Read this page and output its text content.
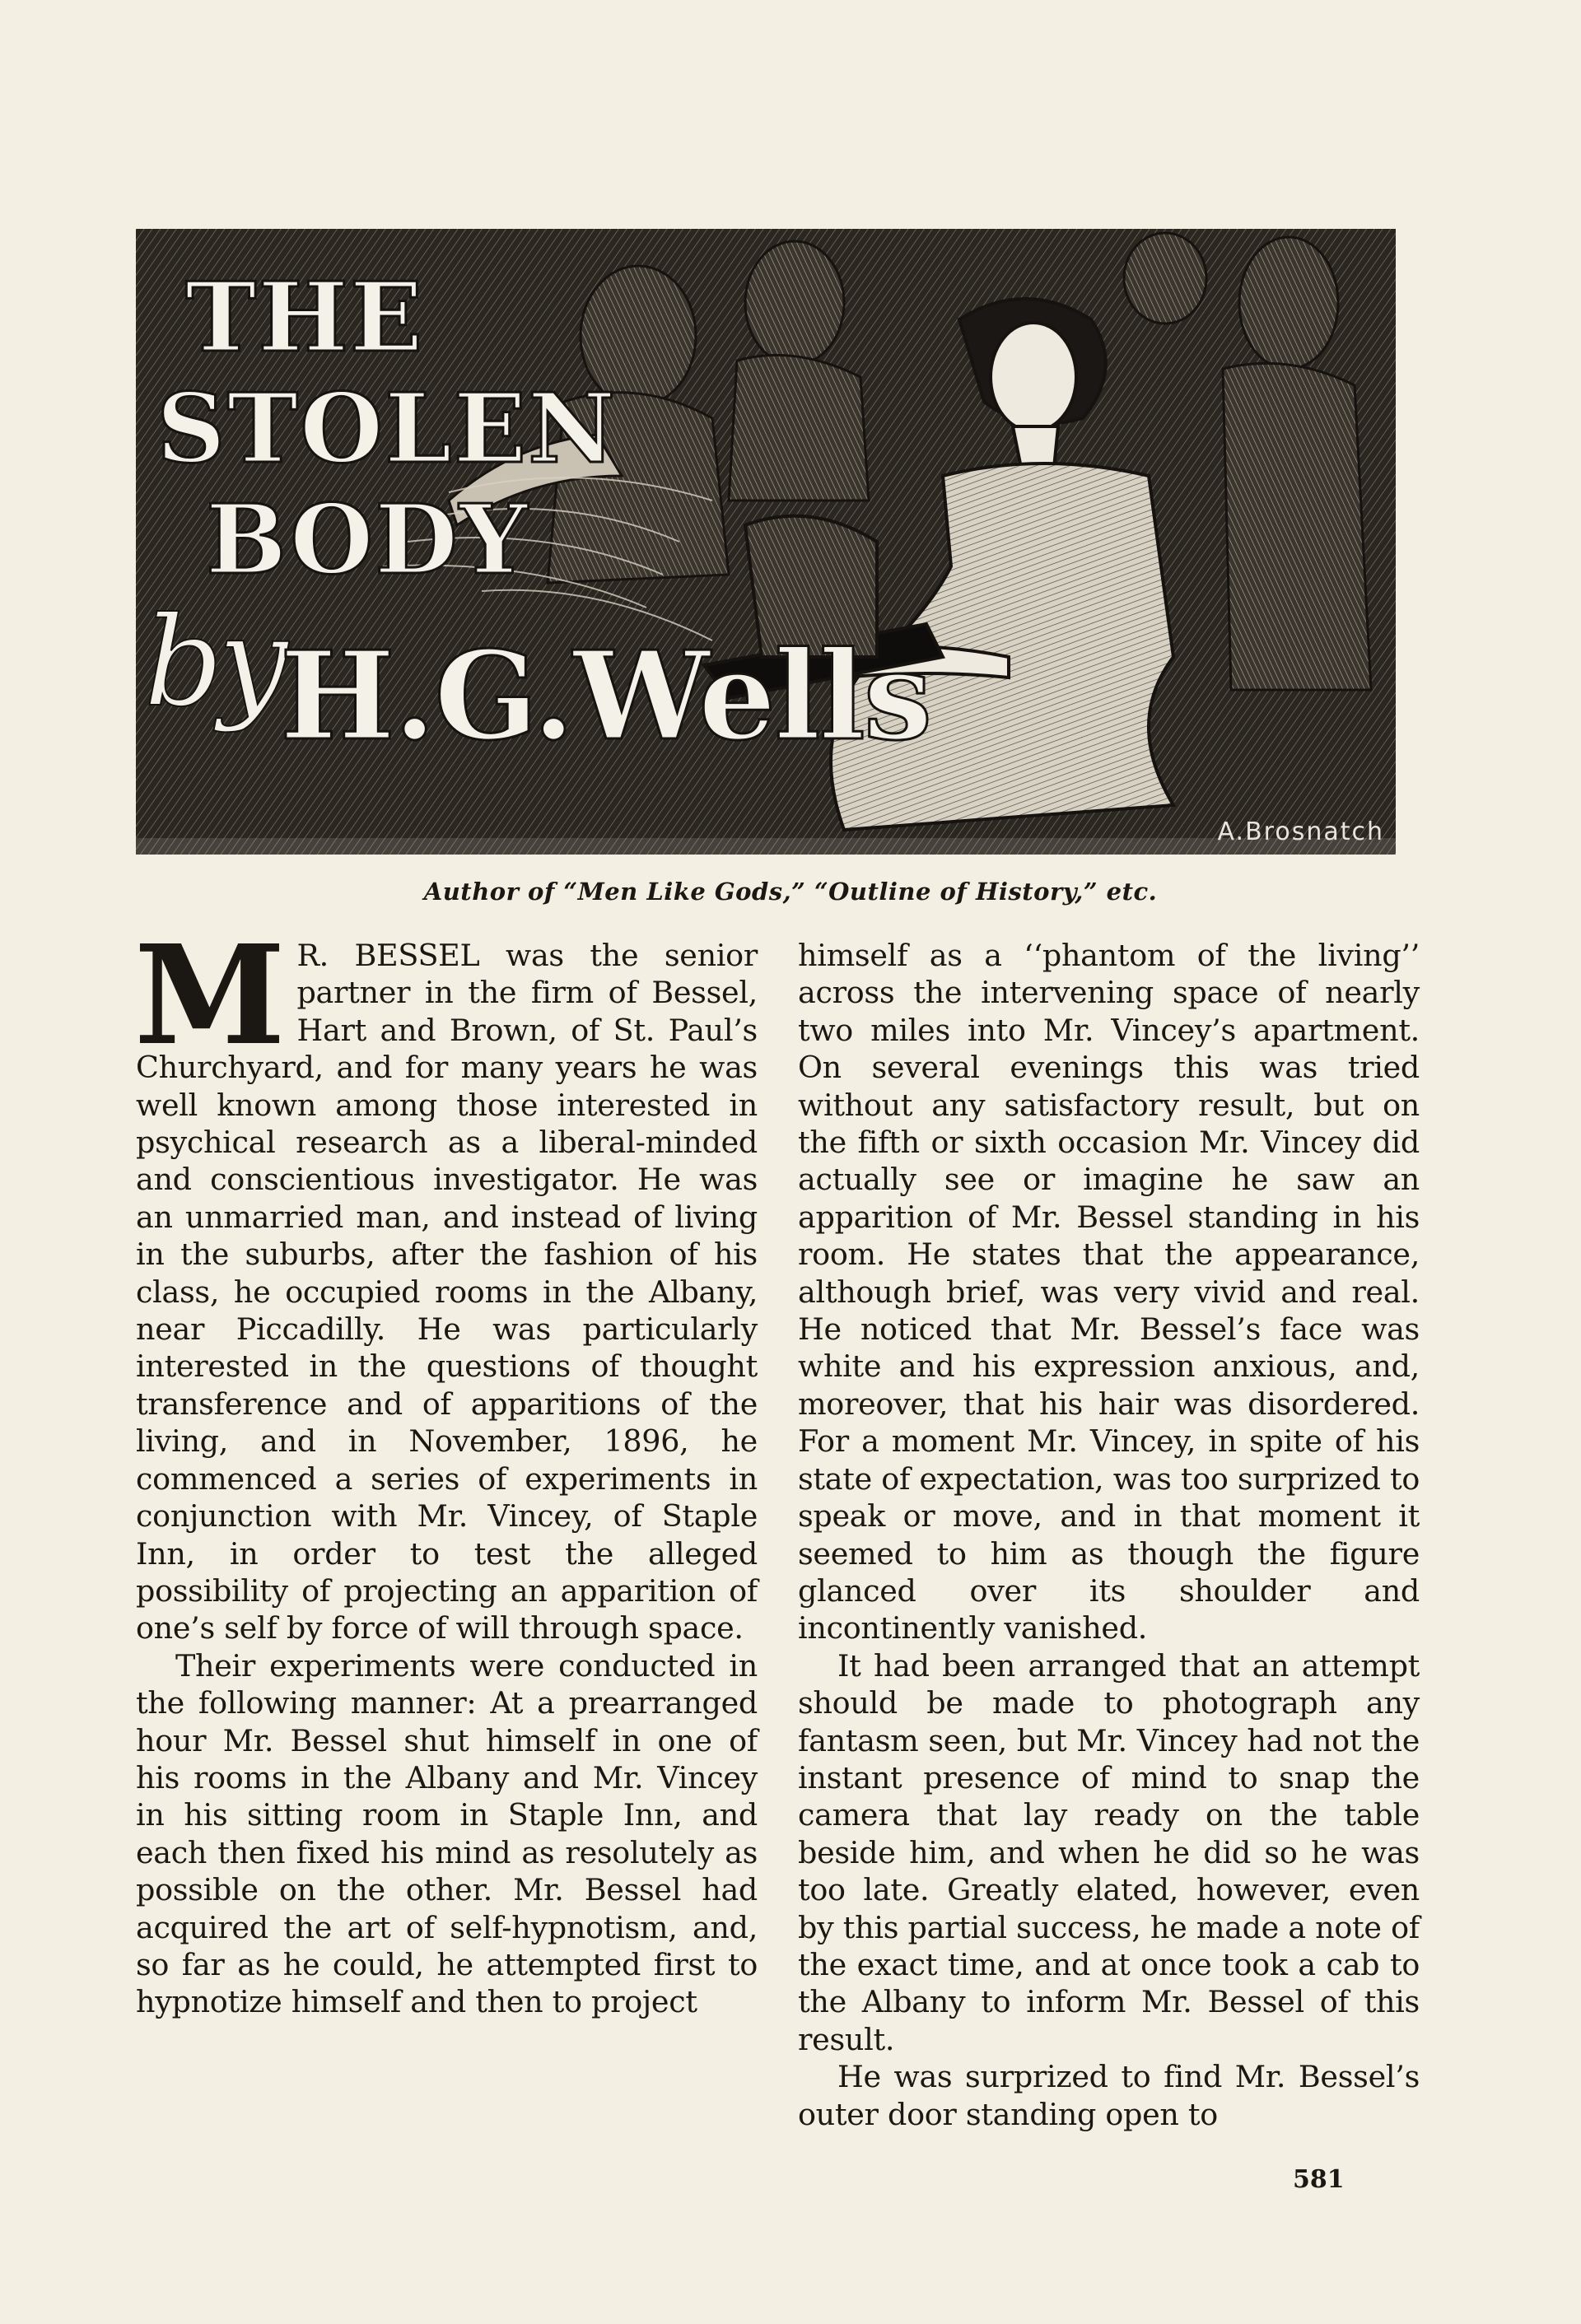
THE
STOLEN
BODY
by
H.G.Wells
A.Brosnatch
Author of “Men Like Gods,” “Outline of History,” etc.

M R. BESSEL was the senior partner in the firm of Bessel, Hart and Brown, of St. Paul’s Churchyard, and for many years he was well known among those interested in psychical research as a liberal-minded and conscientious investigator. He was an unmarried man, and instead of living in the suburbs, after the fashion of his class, he occupied rooms in the Albany, near Piccadilly. He was particularly interested in the questions of thought transference and of apparitions of the living, and in November, 1896, he commenced a series of experiments in conjunction with Mr. Vincey, of Staple Inn, in order to test the alleged possibility of projecting an apparition of one’s self by force of will through space.

Their experiments were conducted in the following manner: At a prearranged hour Mr. Bessel shut himself in one of his rooms in the Albany and Mr. Vincey in his sitting room in Staple Inn, and each then fixed his mind as resolutely as possible on the other. Mr. Bessel had acquired the art of self-hypnotism, and, so far as he could, he attempted first to hypnotize himself and then to project

himself as a ‘‘phantom of the living’’ across the intervening space of nearly two miles into Mr. Vincey’s apartment. On several evenings this was tried without any satisfactory result, but on the fifth or sixth occasion Mr. Vincey did actually see or imagine he saw an apparition of Mr. Bessel standing in his room. He states that the appearance, although brief, was very vivid and real. He noticed that Mr. Bessel’s face was white and his expression anxious, and, moreover, that his hair was disordered. For a moment Mr. Vincey, in spite of his state of expectation, was too surprized to speak or move, and in that moment it seemed to him as though the figure glanced over its shoulder and incontinently vanished.

It had been arranged that an attempt should be made to photograph any fantasm seen, but Mr. Vincey had not the instant presence of mind to snap the camera that lay ready on the table beside him, and when he did so he was too late. Greatly elated, however, even by this partial success, he made a note of the exact time, and at once took a cab to the Albany to inform Mr. Bessel of this result.

He was surprized to find Mr. Bessel’s outer door standing open to

581
